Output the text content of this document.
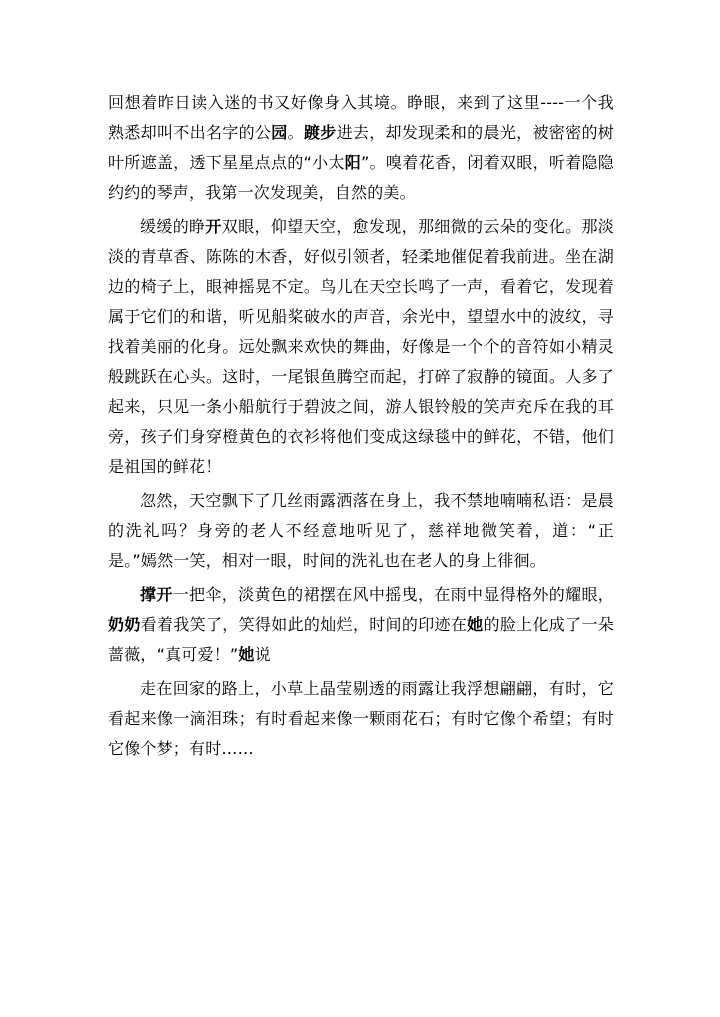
回想着昨日读入迷的书又好像身入其境。睁眼，来到了这里----一个我熟悉却叫不出名字的公园。踱步进去，却发现柔和的晨光，被密密的树叶所遮盖，透下星星点点的“小太阳”。嗅着花香，闭着双眼，听着隐隐约约的琴声，我第一次发现美，自然的美。

缓缓的睁开双眼，仰望天空，愈发现，那细微的云朵的变化。那淡淡的青草香、陈陈的木香，好似引领者，轻柔地催促着我前进。坐在湖边的椅子上，眼神摇晃不定。鸟儿在天空长鸣了一声，看着它，发现着属于它们的和谐，听见船桨破水的声音，余光中，望望水中的波纹，寻找着美丽的化身。远处飘来欢快的舞曲，好像是一个个的音符如小精灵般跳跃在心头。这时，一尾银鱼腾空而起，打碎了寂静的镜面。人多了起来，只见一条小船航行于碧波之间，游人银铃般的笑声充斥在我的耳旁，孩子们身穿橙黄色的衣衫将他们变成这绿毯中的鲜花，不错，他们是祖国的鲜花！

忽然，天空飘下了几丝雨露洒落在身上，我不禁地喃喃私语：是晨的洗礼吗？身旁的老人不经意地听见了，慈祥地微笑着，道：“正是。”嫣然一笑，相对一眼，时间的洗礼也在老人的身上徘徊。

撑开一把伞，淡黄色的裙摆在风中摇曳，在雨中显得格外的耀眼，奶奶看着我笑了，笑得如此的灿烂，时间的印迹在她的脸上化成了一朵蔷薇，“真可爱！”她说

走在回家的路上，小草上晶莹剔透的雨露让我浮想翩翩，有时，它看起来像一滴泪珠；有时看起来像一颗雨花石；有时它像个希望；有时它像个梦；有时……
